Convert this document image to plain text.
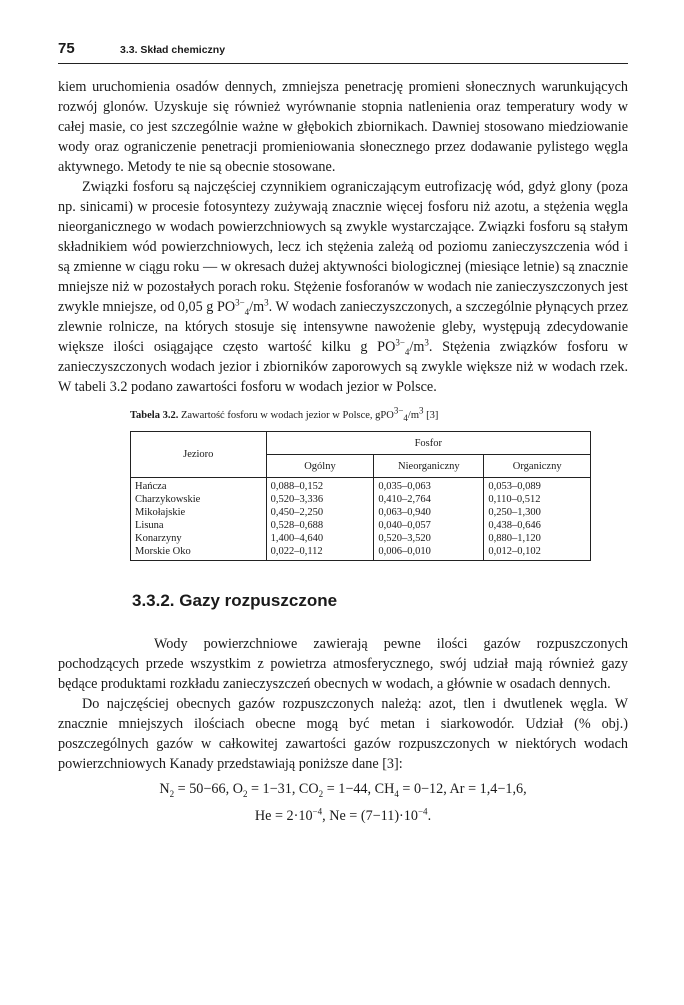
75	3.3. Skład chemiczny

kiem uruchomienia osadów dennych, zmniejsza penetrację promieni słonecznych warunkujących rozwój glonów. Uzyskuje się również wyrównanie stopnia natlenienia oraz temperatury wody w całej masie, co jest szczególnie ważne w głębokich zbiornikach. Dawniej stosowano miedziowanie wody oraz ograniczenie penetracji promieniowania słonecznego przez dodawanie pylistego węgla aktywnego. Metody te nie są obecnie stosowane.

Związki fosforu są najczęściej czynnikiem ograniczającym eutrofizację wód, gdyż glony (poza np. sinicami) w procesie fotosyntezy zużywają znacznie więcej fosforu niż azotu, a stężenia węgla nieorganicznego w wodach powierzchniowych są zwykle wystarczające. Związki fosforu są stałym składnikiem wód powierzchniowych, lecz ich stężenia zależą od poziomu zanieczyszczenia wód i są zmienne w ciągu roku — w okresach dużej aktywności biologicznej (miesiące letnie) są znacznie mniejsze niż w pozostałych porach roku. Stężenie fosforanów w wodach nie zanieczyszczonych jest zwykle mniejsze, od 0,05 g $PO^{3-}_4/m^3$. W wodach zanieczyszczonych, a szczególnie płynących przez zlewnie rolnicze, na których stosuje się intensywne nawożenie gleby, występują zdecydowanie większe ilości osiągające często wartość kilku g $PO^{3-}_4/m^3$. Stężenia związków fosforu w zanieczyszczonych wodach jezior i zbiorników zaporowych są zwykle większe niż w wodach rzek. W tabeli 3.2 podano zawartości fosforu w wodach jezior w Polsce.

Tabela 3.2. Zawartość fosforu w wodach jezior w Polsce, $gPO^{3-}_4/m^3$ [3]
Jezioro	Fosfor		
	Ogólny	Nieorganiczny	Organiczny
Hańcza	0,088–0,152	0,035–0,063	0,053–0,089
Charzykowskie	0,520–3,336	0,410–2,764	0,110–0,512
Mikołajskie	0,450–2,250	0,063–0,940	0,250–1,300
Lisuna	0,528–0,688	0,040–0,057	0,438–0,646
Konarzyny	1,400–4,640	0,520–3,520	0,880–1,120
Morskie Oko	0,022–0,112	0,006–0,010	0,012–0,102
3.3.2. Gazy rozpuszczone

Wody powierzchniowe zawierają pewne ilości gazów rozpuszczonych pochodzących przede wszystkim z powietrza atmosferycznego, swój udział mają również gazy będące produktami rozkładu zanieczyszczeń obecnych w wodach, a głównie w osadach dennych.

Do najczęściej obecnych gazów rozpuszczonych należą: azot, tlen i dwutlenek węgla. W znacznie mniejszych ilościach obecne mogą być metan i siarkowodór. Udział (% obj.) poszczególnych gazów w całkowitej zawartości gazów rozpuszczonych w niektórych wodach powierzchniowych Kanady przedstawiają poniższe dane [3]:

$N_2 = 50-66$, $O_2 = 1-31$, $CO_2 = 1-44$, $CH_4 = 0-12$, Ar = 1,4−1,6,
$He = 2\cdot 10^{-4}$, $Ne = (7-11)\cdot 10^{-4}$.
